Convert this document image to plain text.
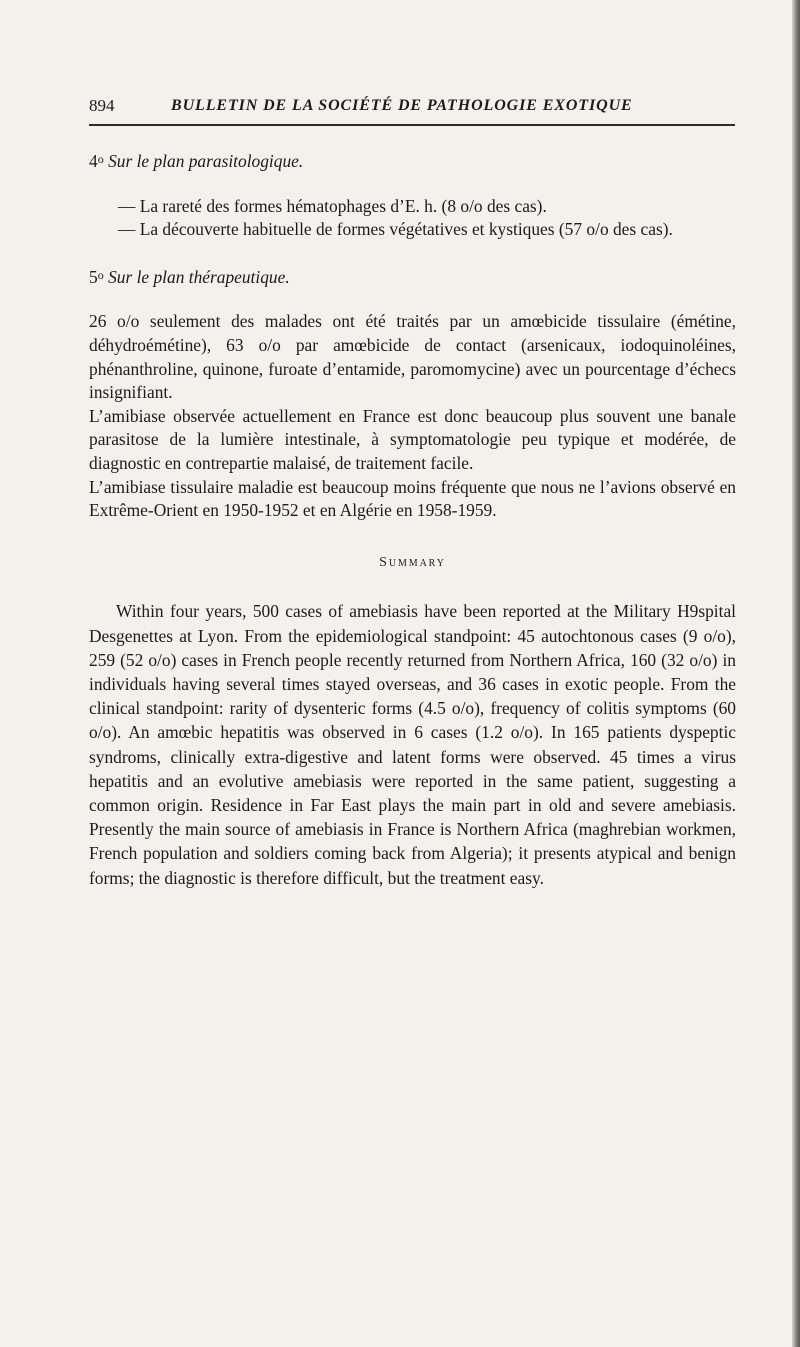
894	BULLETIN DE LA SOCIÉTÉ DE PATHOLOGIE EXOTIQUE

4$^o$ Sur le plan parasitologique.

— La rareté des formes hématophages d’E. h. (8 o/o des cas).

— La découverte habituelle de formes végétatives et kystiques (57 o/o des cas).

5$^o$ Sur le plan thérapeutique.

26 o/o seulement des malades ont été traités par un amœbicide tissulaire (émétine, déhydroémétine), 63 o/o par amœbicide de contact (arsenicaux, iodoquinoléines, phénanthroline, quinone, furoate d’entamide, paromomycine) avec un pourcentage d’échecs insignifiant.

L’amibiase observée actuellement en France est donc beaucoup plus souvent une banale parasitose de la lumière intestinale, à symptomatologie peu typique et modérée, de diagnostic en contrepartie malaisé, de traitement facile.

L’amibiase tissulaire maladie est beaucoup moins fréquente que nous ne l’avions observé en Extrême-Orient en 1950-1952 et en Algérie en 1958-1959.

Summary

Within four years, 500 cases of amebiasis have been reported at the Military H9spital Desgenettes at Lyon. From the epidemiological standpoint: 45 autochtonous cases (9 o/o), 259 (52 o/o) cases in French people recently returned from Northern Africa, 160 (32 o/o) in individuals having several times stayed overseas, and 36 cases in exotic people. From the clinical standpoint: rarity of dysenteric forms (4.5 o/o), frequency of colitis symptoms (60 o/o). An amœbic hepatitis was observed in 6 cases (1.2 o/o). In 165 patients dyspeptic syndroms, clinically extra-digestive and latent forms were observed. 45 times a virus hepatitis and an evolutive amebiasis were reported in the same patient, suggesting a common origin. Residence in Far East plays the main part in old and severe amebiasis. Presently the main source of amebiasis in France is Northern Africa (maghrebian workmen, French population and soldiers coming back from Algeria); it presents atypical and benign forms; the diagnostic is therefore difficult, but the treatment easy.
